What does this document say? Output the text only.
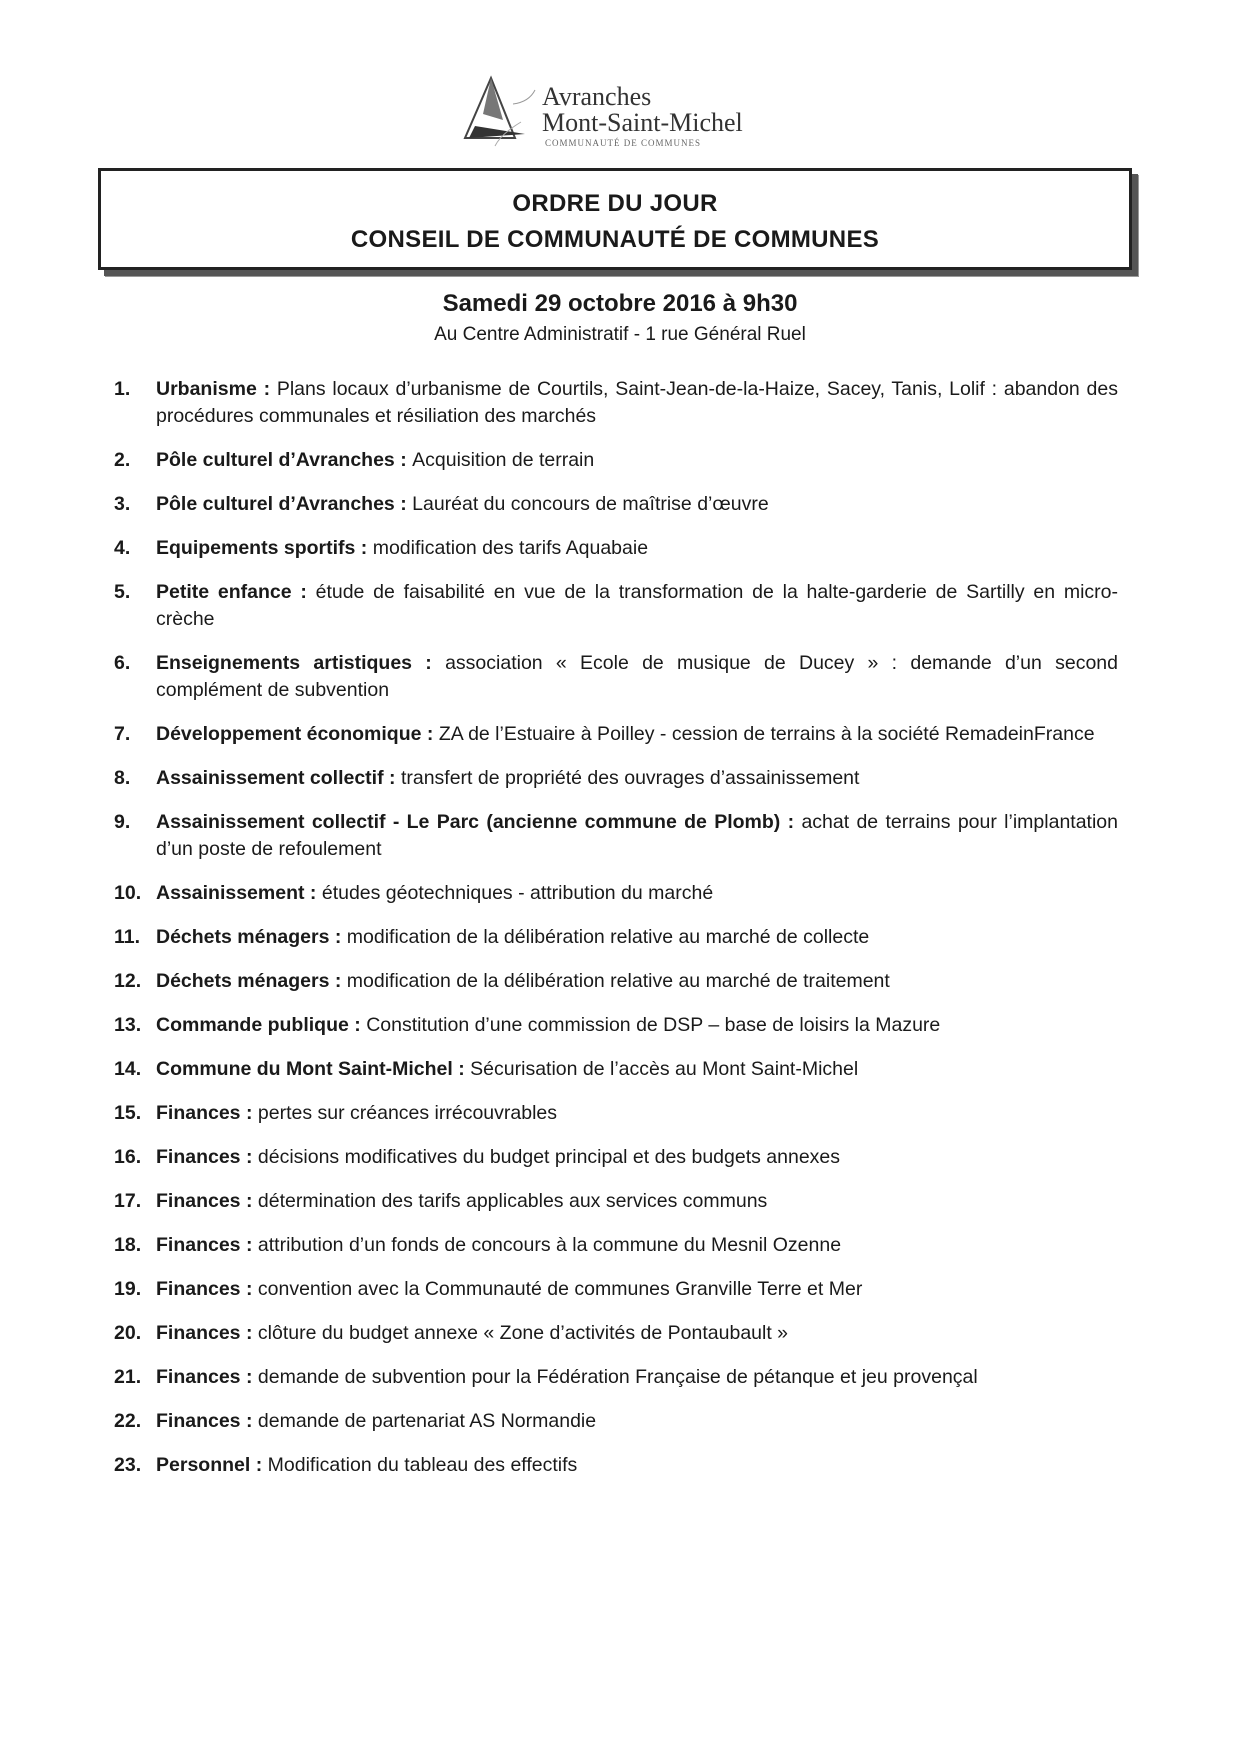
Avranches
Mont-Saint-Michel
COMMUNAUTÉ DE COMMUNES
ORDRE DU JOUR
CONSEIL DE COMMUNAUTÉ DE COMMUNES
Samedi 29 octobre 2016 à 9h30
Au Centre Administratif - 1 rue Général Ruel
1.	Urbanisme : Plans locaux d’urbanisme de Courtils, Saint-Jean-de-la-Haize, Sacey, Tanis, Lolif : abandon des procédures communales et résiliation des marchés
2.	Pôle culturel d’Avranches : Acquisition de terrain
3.	Pôle culturel d’Avranches : Lauréat du concours de maîtrise d’œuvre
4.	Equipements sportifs : modification des tarifs Aquabaie
5.	Petite enfance : étude de faisabilité en vue de la transformation de la halte-garderie de Sartilly en micro-crèche
6.	Enseignements artistiques : association « Ecole de musique de Ducey » : demande d’un second complément de subvention
7.	Développement économique : ZA de l’Estuaire à Poilley - cession de terrains à la société RemadeinFrance
8.	Assainissement collectif : transfert de propriété des ouvrages d’assainissement
9.	Assainissement collectif - Le Parc (ancienne commune de Plomb) : achat de terrains pour l’implantation d’un poste de refoulement
10. Assainissement : études géotechniques - attribution du marché
11. Déchets ménagers : modification de la délibération relative au marché de collecte
12. Déchets ménagers : modification de la délibération relative au marché de traitement
13. Commande publique : Constitution d’une commission de DSP – base de loisirs la Mazure
14. Commune du Mont Saint-Michel : Sécurisation de l’accès au Mont Saint-Michel
15. Finances : pertes sur créances irrécouvrables
16. Finances : décisions modificatives du budget principal et des budgets annexes
17. Finances : détermination des tarifs applicables aux services communs
18. Finances : attribution d’un fonds de concours à la commune du Mesnil Ozenne
19. Finances : convention avec la Communauté de communes Granville Terre et Mer
20. Finances : clôture du budget annexe « Zone d’activités de Pontaubault »
21. Finances : demande de subvention pour la Fédération Française de pétanque et jeu provençal
22. Finances : demande de partenariat AS Normandie
23. Personnel : Modification du tableau des effectifs
